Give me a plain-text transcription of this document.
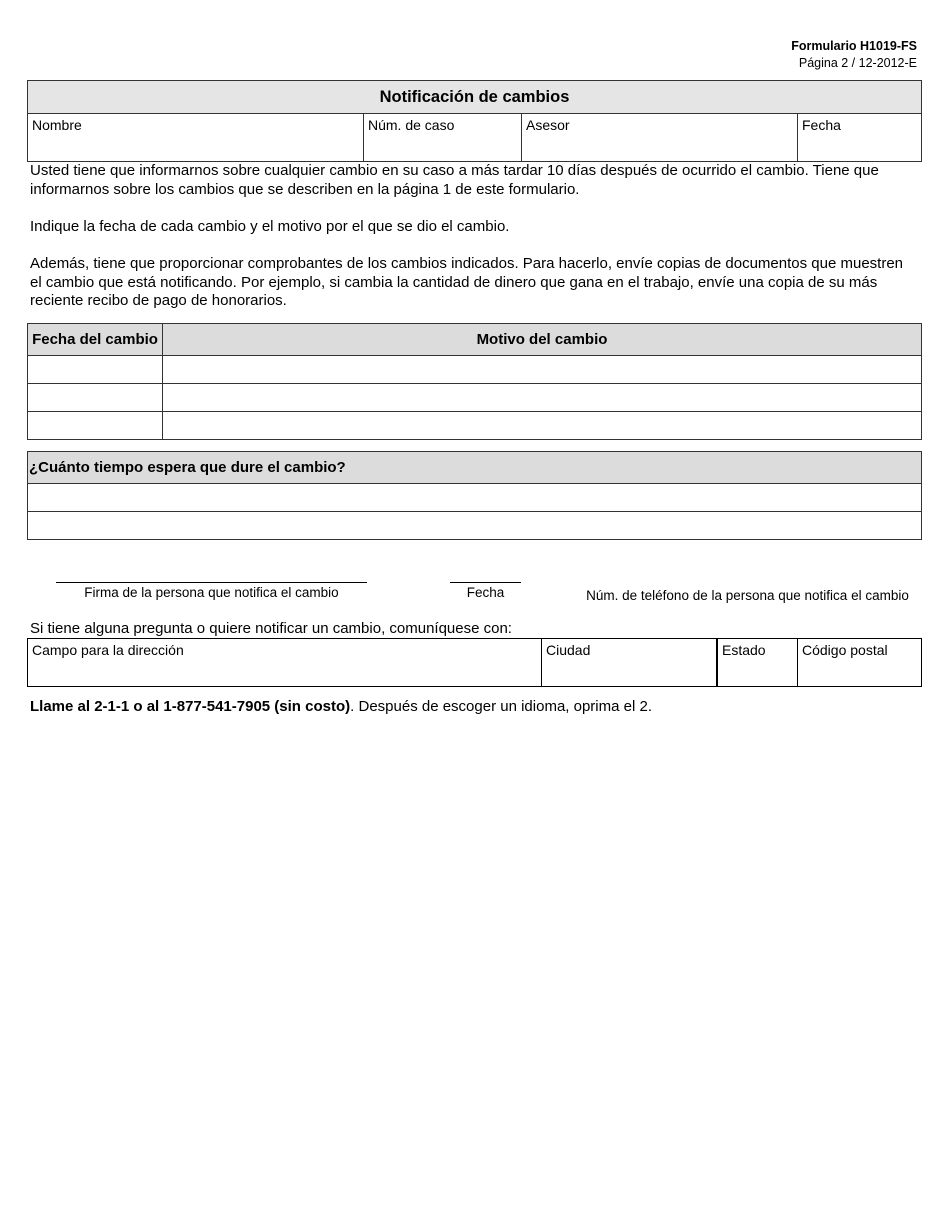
Formulario H1019-FS
Página 2 / 12-2012-E
Notificación de cambios
Nombre	Núm. de caso	Asesor	Fecha

Usted tiene que informarnos sobre cualquier cambio en su caso a más tardar 10 días después de ocurrido el cambio. Tiene que informarnos sobre los cambios que se describen en la página 1 de este formulario.

Indique la fecha de cada cambio y el motivo por el que se dio el cambio.

Además, tiene que proporcionar comprobantes de los cambios indicados. Para hacerlo, envíe copias de documentos que muestren el cambio que está notificando. Por ejemplo, si cambia la cantidad de dinero que gana en el trabajo, envíe una copia de su más reciente recibo de pago de honorarios.

Fecha del cambio	Motivo del cambio

¿Cuánto tiempo espera que dure el cambio?

Firma de la persona que notifica el cambio	Fecha	Núm. de teléfono de la persona que notifica el cambio

Si tiene alguna pregunta o quiere notificar un cambio, comuníquese con:

Campo para la dirección	Ciudad	Estado	Código postal
Llame al 2-1-1 o al 1-877-541-7905 (sin costo). Después de escoger un idioma, oprima el 2.
